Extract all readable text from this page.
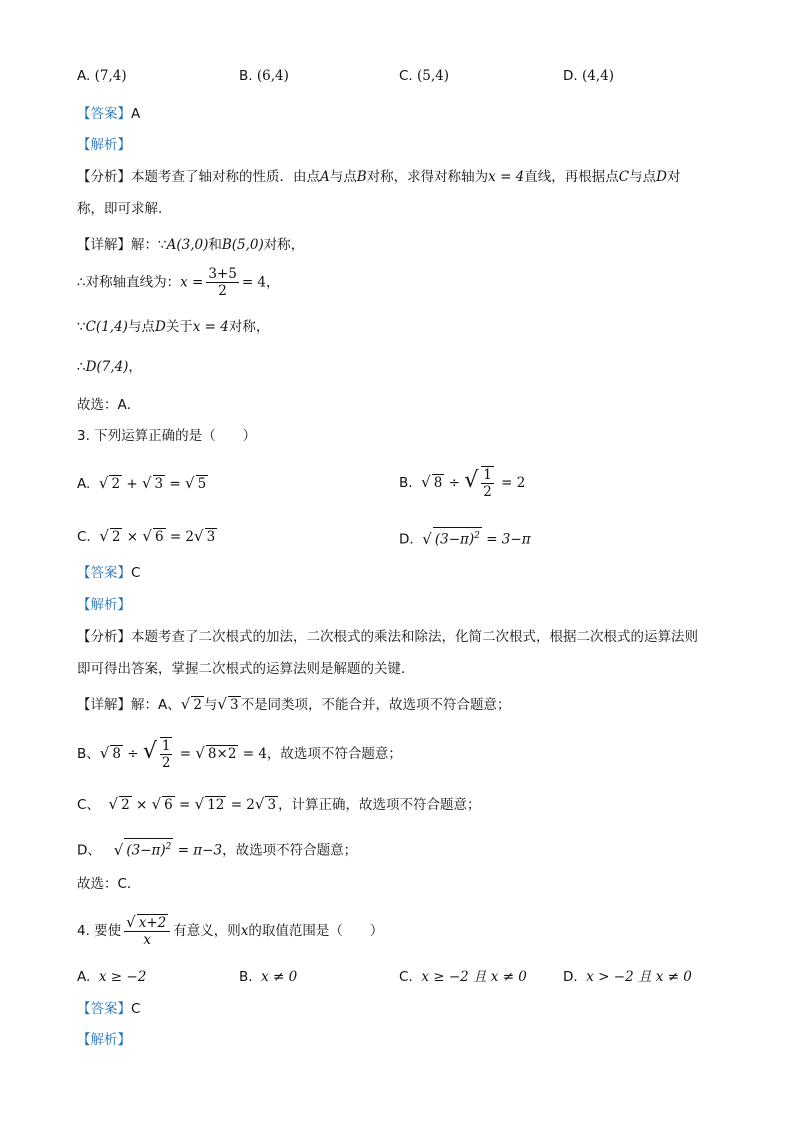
A. (7,4)	B. (6,4)	C. (5,4)	D. (4,4)
【答案】A
【解析】
【分析】本题考查了轴对称的性质．由点A与点B对称，求得对称轴为x = 4直线，再根据点C与点D对
称，即可求解．
【详解】解：∵A(3,0)和B(5,0)对称，
∴对称轴直线为：$x = \frac{3+5}{2} = 4$，
∵C(1,4)与点D关于x = 4对称，
∴D(7,4)，
故选：A．
3. 下列运算正确的是（　　）
A. √ 2 + √ 3 = √ 5	B. √ 8 ÷ √ $\frac{1}{2} = 2$
C. √ 2 × √ 6 = 2√ 3	D. √ $(3-\pi)^2 = 3-\pi$
【答案】C
【解析】
【分析】本题考查了二次根式的加法，二次根式的乘法和除法，化简二次根式，根据二次根式的运算法则
即可得出答案，掌握二次根式的运算法则是解题的关键．
【详解】解：A、√ 2 与√ 3 不是同类项，不能合并，故选项不符合题意；
B、√ 8 ÷ √ $\frac{1}{2}$ = √ 8×2 = 4，故选项不符合题意；
C、 √ 2 × √ 6 = √ 12 = 2√ 3 ，计算正确，故选项不符合题意；
D、 √ $(3-\pi)^2 = \pi-3$，故选项不符合题意；
故选：C．
4. 要使 $\frac{√ x+2}{x}$ 有意义，则x的取值范围是（　　）
A. x ≥ −2	B. x ≠ 0	C. x ≥ −2 且 x ≠ 0	D. x > −2 且 x ≠ 0
【答案】C
【解析】
